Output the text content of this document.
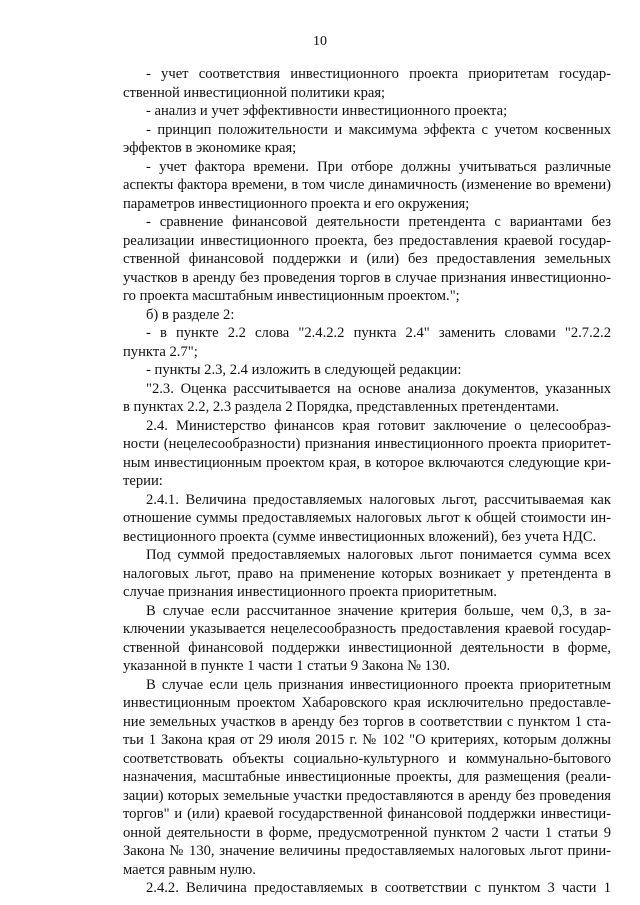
10
- учет соответствия инвестиционного проекта приоритетам государ-
ственной инвестиционной политики края;
- анализ и учет эффективности инвестиционного проекта;
- принцип положительности и максимума эффекта с учетом косвенных
эффектов в экономике края;
- учет фактора времени. При отборе должны учитываться различные
аспекты фактора времени, в том числе динамичность (изменение во времени)
параметров инвестиционного проекта и его окружения;
- сравнение финансовой деятельности претендента с вариантами без
реализации инвестиционного проекта, без предоставления краевой государ-
ственной финансовой поддержки и (или) без предоставления земельных
участков в аренду без проведения торгов в случае признания инвестиционно-
го проекта масштабным инвестиционным проектом.";
б) в разделе 2:
- в пункте 2.2 слова "2.4.2.2 пункта 2.4" заменить словами "2.7.2.2
пункта 2.7";
- пункты 2.3, 2.4 изложить в следующей редакции:
"2.3. Оценка рассчитывается на основе анализа документов, указанных
в пунктах 2.2, 2.3 раздела 2 Порядка, представленных претендентами.
2.4. Министерство финансов края готовит заключение о целесообраз-
ности (нецелесообразности) признания инвестиционного проекта приоритет-
ным инвестиционным проектом края, в которое включаются следующие кри-
терии:
2.4.1. Величина предоставляемых налоговых льгот, рассчитываемая как
отношение суммы предоставляемых налоговых льгот к общей стоимости ин-
вестиционного проекта (сумме инвестиционных вложений), без учета НДС.
Под суммой предоставляемых налоговых льгот понимается сумма всех
налоговых льгот, право на применение которых возникает у претендента в
случае признания инвестиционного проекта приоритетным.
В случае если рассчитанное значение критерия больше, чем 0,3, в за-
ключении указывается нецелесообразность предоставления краевой государ-
ственной финансовой поддержки инвестиционной деятельности в форме,
указанной в пункте 1 части 1 статьи 9 Закона № 130.
В случае если цель признания инвестиционного проекта приоритетным
инвестиционным проектом Хабаровского края исключительно предоставле-
ние земельных участков в аренду без торгов в соответствии с пунктом 1 ста-
тьи 1 Закона края от 29 июля 2015 г. № 102 "О критериях, которым должны
соответствовать объекты социально-культурного и коммунально-бытового
назначения, масштабные инвестиционные проекты, для размещения (реали-
зации) которых земельные участки предоставляются в аренду без проведения
торгов" и (или) краевой государственной финансовой поддержки инвестици-
онной деятельности в форме, предусмотренной пунктом 2 части 1 статьи 9
Закона № 130, значение величины предоставляемых налоговых льгот прини-
мается равным нулю.
2.4.2. Величина предоставляемых в соответствии с пунктом 3 части 1
